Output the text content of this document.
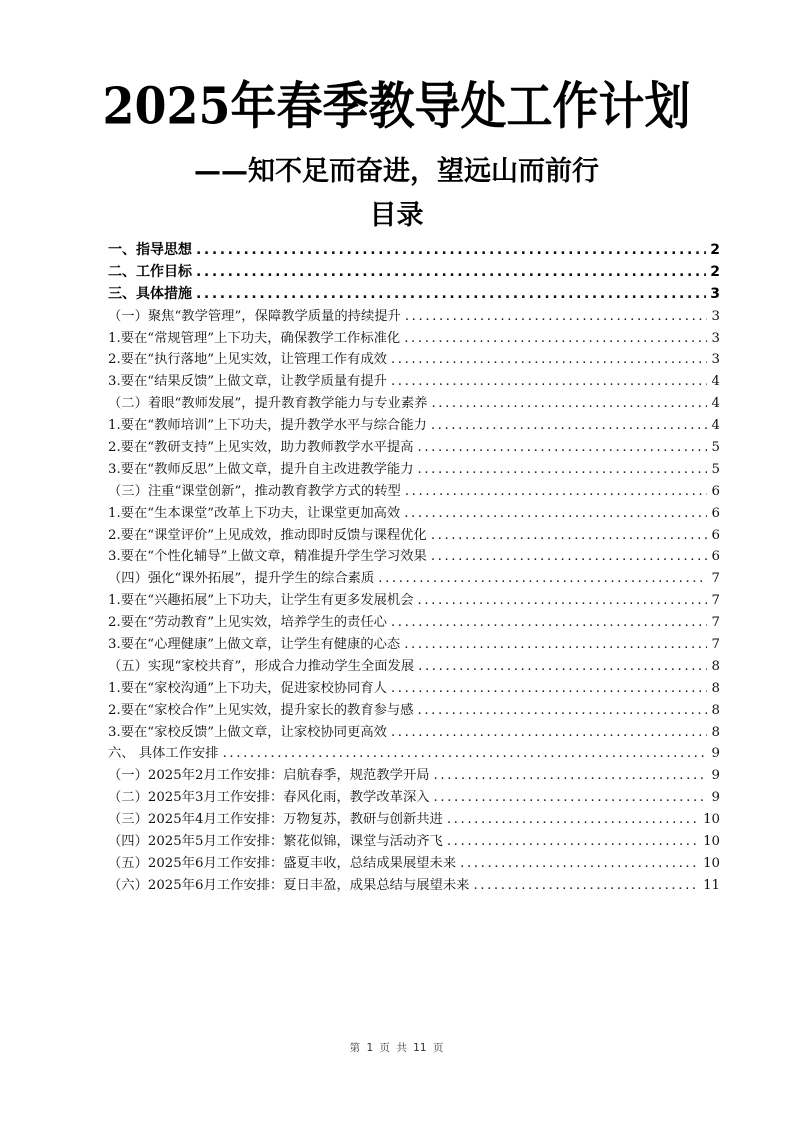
2025年春季教导处工作计划
——知不足而奋进，望远山而前行
目录
一、指导思想 .....	2
二、工作目标 .....	2
三、具体措施 .....	3
（一）聚焦“教学管理”，保障教学质量的持续提升 .....	3
1.要在“常规管理”上下功夫，确保教学工作标准化 .....	3
2.要在“执行落地”上见实效，让管理工作有成效 .....	3
3.要在“结果反馈”上做文章，让教学质量有提升 .....	4
（二）着眼“教师发展”，提升教育教学能力与专业素养 .....	4
1.要在“教师培训”上下功夫，提升教学水平与综合能力 .....	4
2.要在“教研支持”上见实效，助力教师教学水平提高 .....	5
3.要在“教师反思”上做文章，提升自主改进教学能力 .....	5
（三）注重“课堂创新”，推动教育教学方式的转型 .....	6
1.要在“生本课堂”改革上下功夫，让课堂更加高效 .....	6
2.要在“课堂评价”上见成效，推动即时反馈与课程优化 .....	6
3.要在“个性化辅导”上做文章，精准提升学生学习效果 .....	6
（四）强化“课外拓展”，提升学生的综合素质 .....	7
1.要在“兴趣拓展”上下功夫，让学生有更多发展机会 .....	7
2.要在“劳动教育”上见实效，培养学生的责任心 .....	7
3.要在“心理健康”上做文章，让学生有健康的心态 .....	7
（五）实现“家校共育”，形成合力推动学生全面发展 .....	8
1.要在“家校沟通”上下功夫，促进家校协同育人 .....	8
2.要在“家校合作”上见实效，提升家长的教育参与感 .....	8
3.要在“家校反馈”上做文章，让家校协同更高效 .....	8
六、 具体工作安排 .....	9
（一）2025年2月工作安排：启航春季，规范教学开局 .....	9
（二）2025年3月工作安排：春风化雨，教学改革深入 .....	9
（三）2025年4月工作安排：万物复苏，教研与创新共进 .....	10
（四）2025年5月工作安排：繁花似锦，课堂与活动齐飞 .....	10
（五）2025年6月工作安排：盛夏丰收，总结成果展望未来 .....	10
（六）2025年6月工作安排：夏日丰盈，成果总结与展望未来 .....	11
第 1 页 共 11 页
